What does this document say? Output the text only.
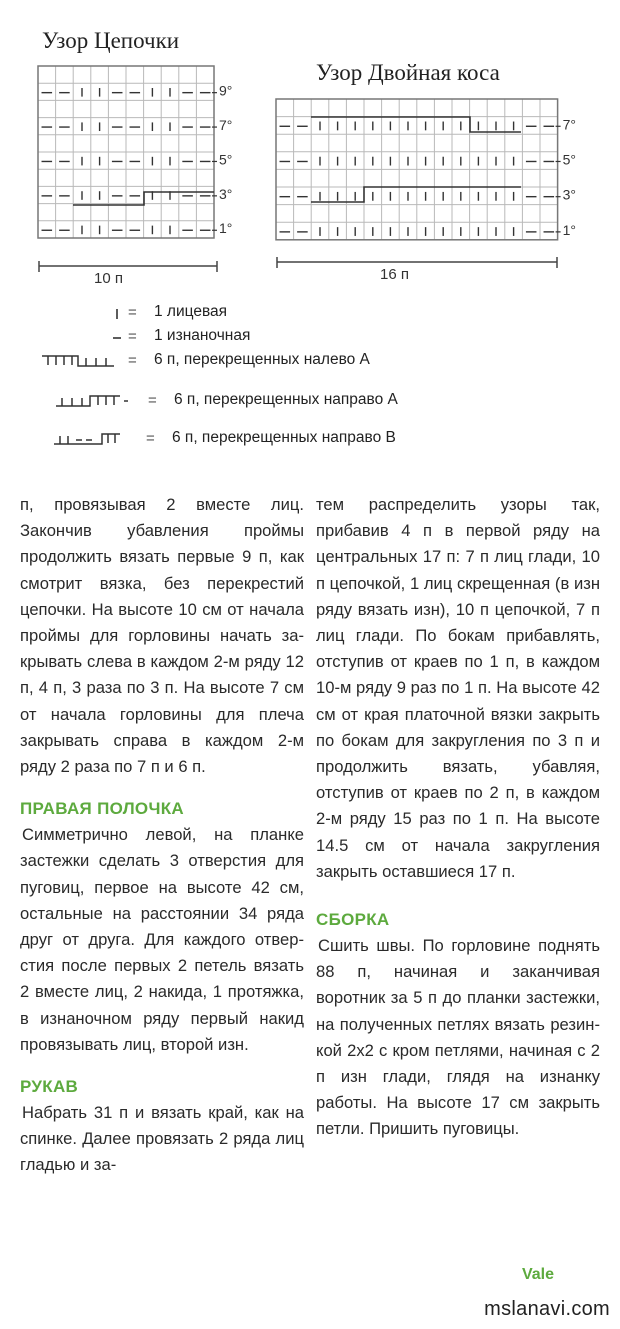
Узор Цепочки
9°
7°
5°
3°
1°
10 п
Узор Двойная коса
7°
5°
3°
1°
16 п
= 1 лицевая
= 1 изнаночная
= 6 п, перекрещенных налево А
= 6 п, перекрещенных направо А
= 6 п, перекрещенных направо В

п, провязывая 2 вместе лиц. Закончив убавления проймы продолжить вязать первые 9 п, как смотрит вязка, без перекрестий цепочки. На высоте 10 см от начала проймы для горловины начать закрывать слева в каждом 2-м ряду 12 п, 4 п, 3 раза по 3 п. На высоте 7 см от начала горловины для плеча закрывать справа в каждом 2-м ряду 2 раза по 7 п и 6 п.

ПРАВАЯ ПОЛОЧКА

Симметрично левой, на планке застежки сделать 3 отверстия для пуговиц, первое на высоте 42 см, остальные на расстоянии 34 ряда друг от друга. Для каждого отверстия после первых 2 петель вязать 2 вместе лиц, 2 накида, 1 протяжка, в изнаночном ряду первый накид провязывать лиц, второй изн.

РУКАВ

Набрать 31 п и вязать край, как на спинке. Далее провязать 2 ряда лиц гладью и за-

тем распределить узоры так, прибавив 4 п в первой ряду на центральных 17 п: 7 п лиц глади, 10 п цепочкой, 1 лиц скрещенная (в изн ряду вязать изн), 10 п цепочкой, 7 п лиц глади. По бокам прибавлять, отступив от краев по 1 п, в каждом 10-м ряду 9 раз по 1 п. На высоте 42 см от края платочной вязки закрыть по бокам для закругления по 3 п и продолжить вязать, убавляя, отступив от краев по 2 п, в каждом 2-м ряду 15 раз по 1 п. На высоте 14.5 см от начала закругления закрыть оставшиеся 17 п.

СБОРКА

Сшить швы. По горловине поднять 88 п, начиная и заканчивая воротник за 5 п до планки застежки, на полученных петлях вязать резинкой 2х2 с кром петлями, начиная с 2 п изн глади, глядя на изнанку работы. На высоте 17 см закрыть петли. Пришить пуговицы.

Vale
mslanavi.com
